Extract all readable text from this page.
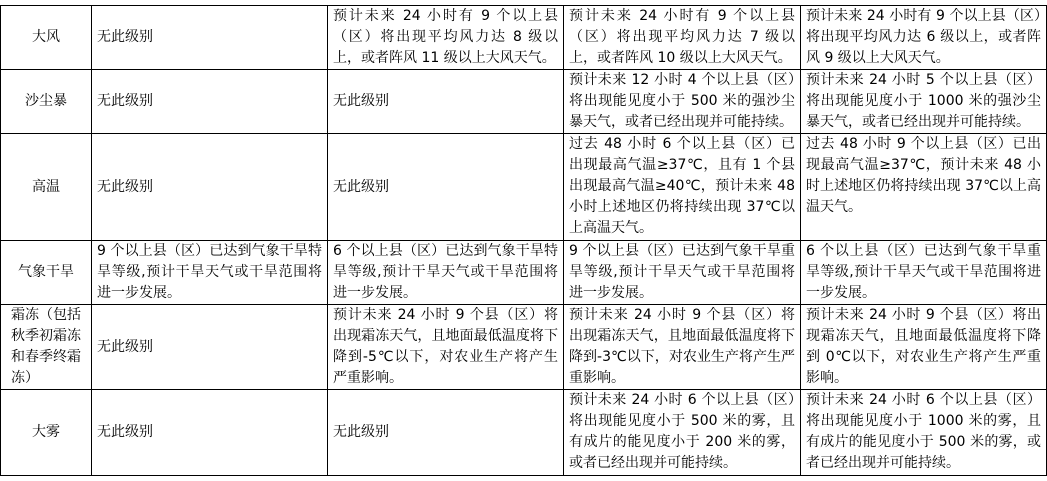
大风	无此级别	预计未来 24 小时有 9 个以上县（区）将出现平均风力达 8 级以上，或者阵风 11 级以上大风天气。	预计未来 24 小时有 9 个以上县（区）将出现平均风力达 7 级以上，或者阵风 10 级以上大风天气。	预计未来 24 小时有 9 个以上县（区）将出现平均风力达 6 级以上，或者阵风 9 级以上大风天气。
沙尘暴	无此级别	无此级别	预计未来 12 小时 4 个以上县（区）将出现能见度小于 500 米的强沙尘暴天气，或者已经出现并可能持续。	预计未来 24 小时 5 个以上县（区）将出现能见度小于 1000 米的强沙尘暴天气，或者已经出现并可能持续。
高温	无此级别	无此级别	过去 48 小时 6 个以上县（区）已出现最高气温≥37℃，且有 1 个县出现最高气温≥40℃，预计未来 48 小时上述地区仍将持续出现 37℃以上高温天气。	过去 48 小时 9 个以上县（区）已出现最高气温≥37℃，预计未来 48 小时上述地区仍将持续出现 37℃以上高温天气。
气象干旱	9 个以上县（区）已达到气象干旱特旱等级,预计干旱天气或干旱范围将进一步发展。	6 个以上县（区）已达到气象干旱特旱等级,预计干旱天气或干旱范围将进一步发展。	9 个以上县（区）已达到气象干旱重旱等级,预计干旱天气或干旱范围将进一步发展。	6 个以上县（区）已达到气象干旱重旱等级,预计干旱天气或干旱范围将进一步发展。
霜冻（包括秋季初霜冻和春季终霜冻）	无此级别	预计未来 24 小时 9 个县（区）将出现霜冻天气，且地面最低温度将下降到-5℃以下，对农业生产将产生严重影响。	预计未来 24 小时 9 个县（区）将出现霜冻天气，且地面最低温度将下降到-3℃以下，对农业生产将产生严重影响。	预计未来 24 小时 9 个县（区）将出现霜冻天气，且地面最低温度将下降到 0℃以下，对农业生产将产生严重影响。
大雾	无此级别	无此级别	预计未来 24 小时 6 个以上县（区）将出现能见度小于 500 米的雾，且有成片的能见度小于 200 米的雾，或者已经出现并可能持续。	预计未来 24 小时 6 个以上县（区）将出现能见度小于 1000 米的雾，且有成片的能见度小于 500 米的雾，或者已经出现并可能持续。
